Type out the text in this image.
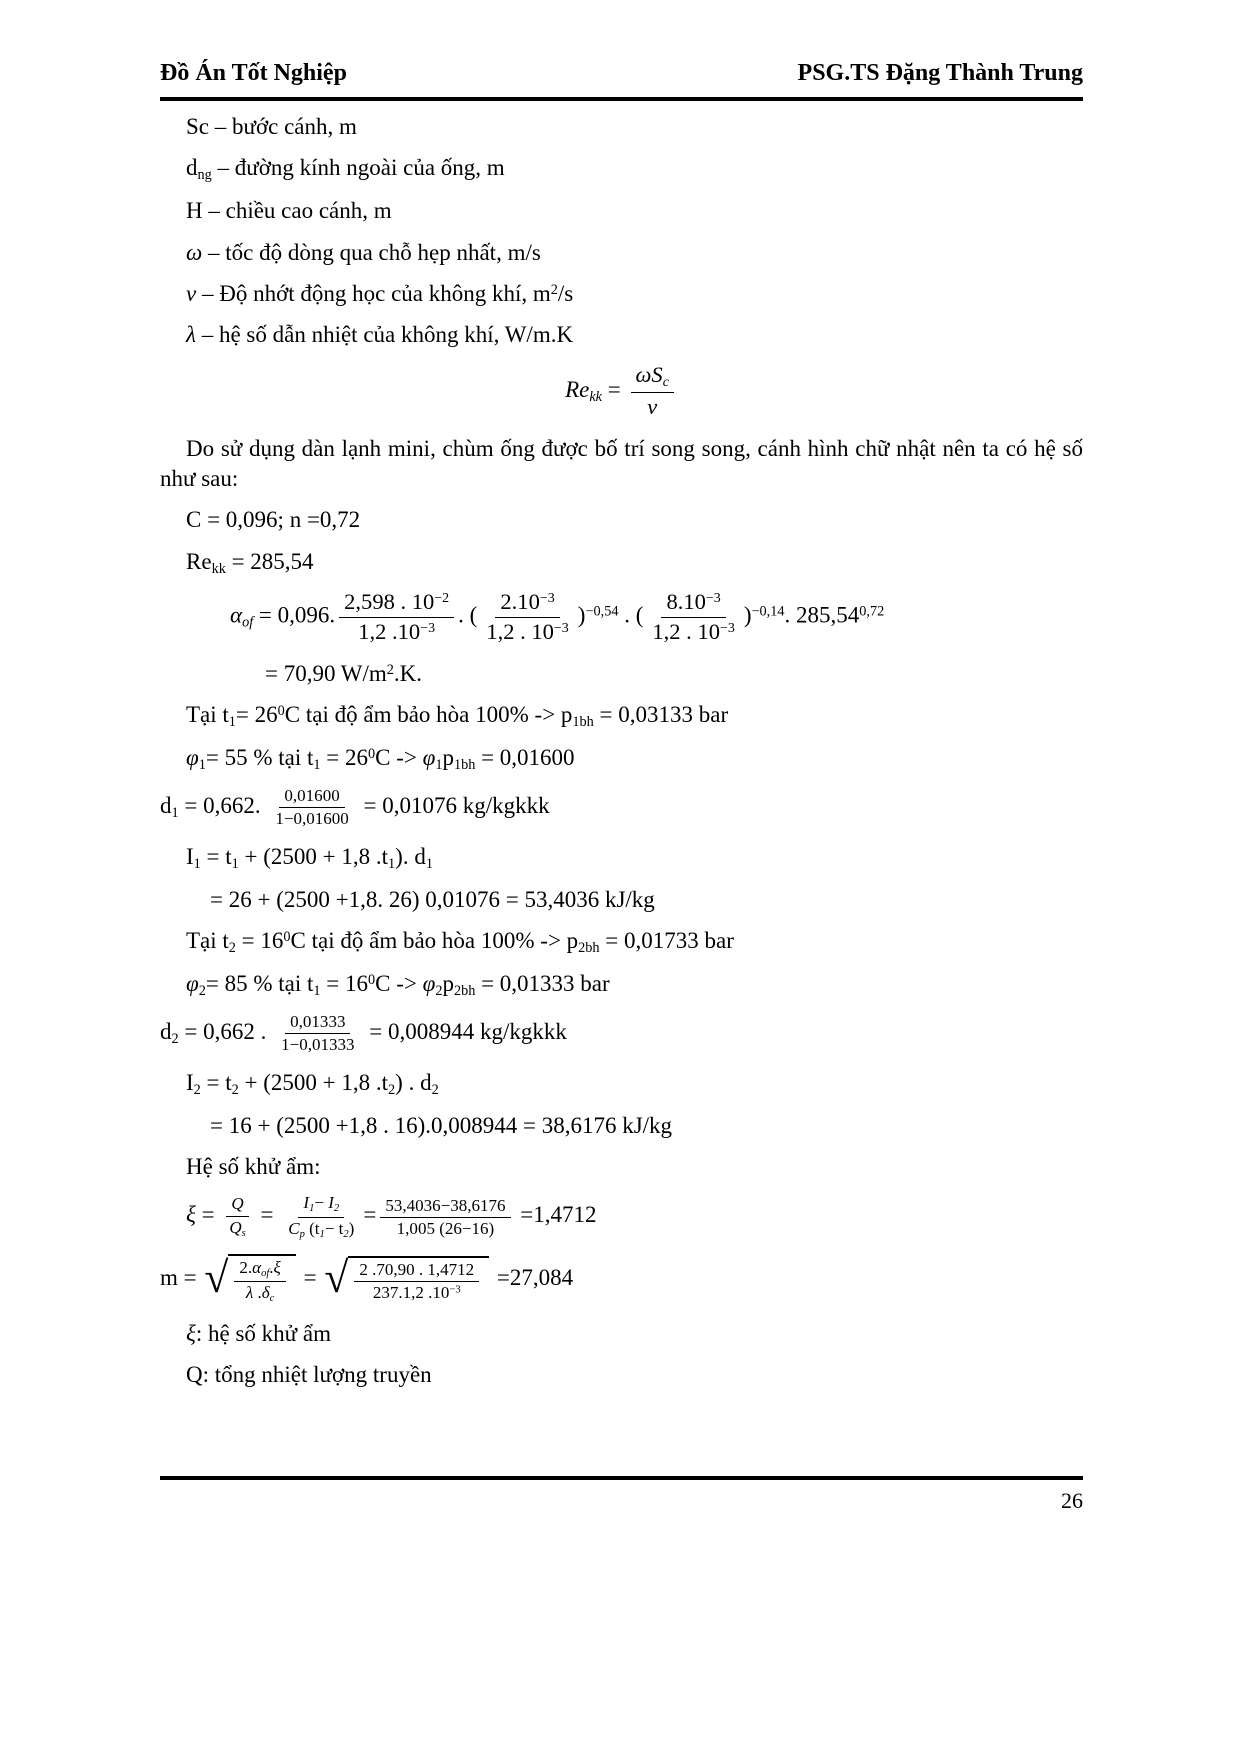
Đồ Án Tốt Nghiệp	PSG.TS Đặng Thành Trung
Sc – bước cánh, m
$d_{ng}$ – đường kính ngoài của ống, m
H – chiều cao cánh, m
ω – tốc độ dòng qua chỗ hẹp nhất, m/s
ν – Độ nhớt động học của không khí, $m^2/s$
λ – hệ số dẫn nhiệt của không khí, W/m.K
$Re_{kk} = \frac{\omega S_c}{\nu}$
Do sử dụng dàn lạnh mini, chùm ống được bố trí song song, cánh hình chữ nhật nên ta có hệ số như sau:
C = 0,096; n =0,72
$Re_{kk} = 285,54$
$\alpha_{of} = 0,096$. $\frac{2,598 . 10^{-2}}{1,2 .10^{-3}}$ . ( $\frac{2.10^{-3}}{1,2 . 10^{-3}} )^{-0,54}$ . ( $\frac{8.10^{-3}}{1,2 . 10^{-3}} )^{-0,14}$. $285,54^{0,72}$
= 70,90 $W/m^2.K$.
Tại $t_1= 26^0C$ tại độ ẩm bảo hòa $100\% -> p_{1bh} = 0,03133$ bar
$\varphi_1= 55$ % tại $t_1 = 26^0C -> \varphi_1p_{1bh} = 0,01600$
$d_1 = 0,662$. $\frac{0,01600}{1-0,01600} = 0,01076$ kg/kgkkk
$I_1 = t_1 + (2500 + 1,8$ $.t_1$). $d_1$
= 26 + (2500 +1,8. 26) 0,01076 = 53,4036 kJ/kg
Tại $t_2 = 16^0C$ tại độ ẩm bảo hòa $100\% -> p_{2bh} = 0,01733$ bar
$\varphi_2= 85$ % tại $t_1 = 16^0C -> \varphi_2p_{2bh} = 0,01333$ bar
$d_2 = 0,662$ . $\frac{0,01333}{1-0,01333} = 0,008944$ kg/kgkkk
$I_2 = t_2 + (2500 + 1,8$ $.t_2$) . $d_2$
= 16 + (2500 +1,8 . 16).0,008944 = 38,6176 kJ/kg
Hệ số khử ẩm:
$\xi = \frac{Q}{Q_s} = \frac{I_1- I_2}{C_p (t_1- t_2)} = \frac{53,4036-38,6176}{1,005 (26-16)} =1,4712$
m = √ $\frac{2.\alpha_{of}.\xi}{\lambda .\delta_c}$ = √ $\frac{2 .70,90 . 1,4712}{237.1,2 .10^{-3}} =27,084$
ξ: hệ số khử ẩm
Q: tổng nhiệt lượng truyền
26
